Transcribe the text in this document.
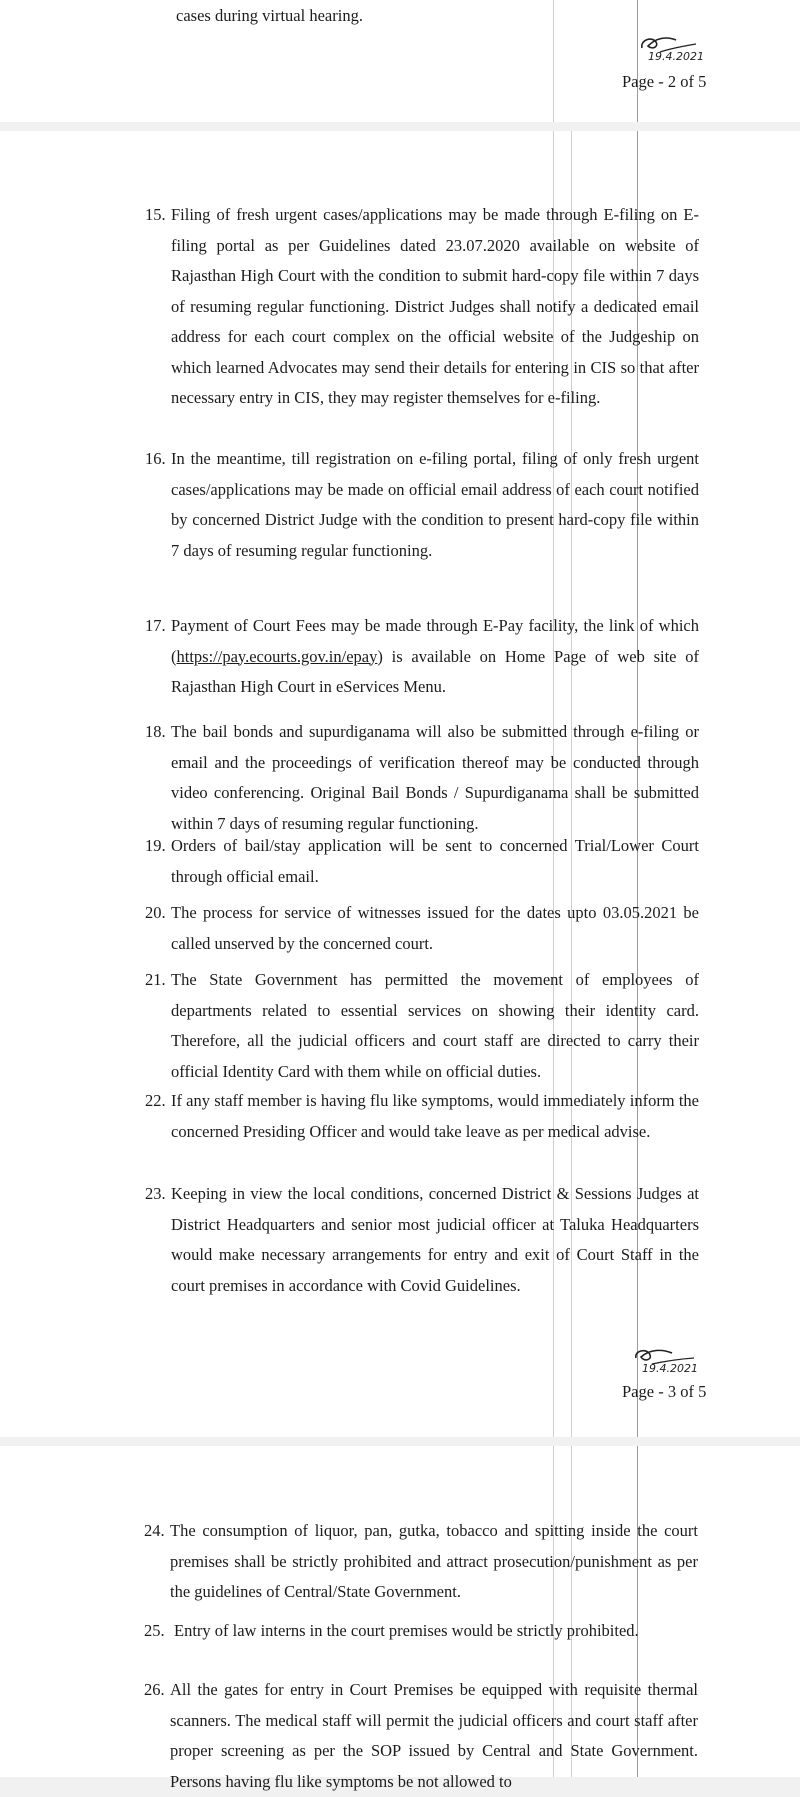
cases during virtual hearing.
19.4.2021
Page - 2 of 5
15. Filing of fresh urgent cases/applications may be made through E-filing on E-filing portal as per Guidelines dated 23.07.2020 available on website of Rajasthan High Court with the condition to submit hard-copy file within 7 days of resuming regular functioning. District Judges shall notify a dedicated email address for each court complex on the official website of the Judgeship on which learned Advocates may send their details for entering in CIS so that after necessary entry in CIS, they may register themselves for e-filing.
16. In the meantime, till registration on e-filing portal, filing of only fresh urgent cases/applications may be made on official email address of each court notified by concerned District Judge with the condition to present hard-copy file within 7 days of resuming regular functioning.
17. Payment of Court Fees may be made through E-Pay facility, the link of which (https://pay.ecourts.gov.in/epay) is available on Home Page of web site of Rajasthan High Court in eServices Menu.
18. The bail bonds and supurdiganama will also be submitted through e-filing or email and the proceedings of verification thereof may be conducted through video conferencing. Original Bail Bonds / Supurdiganama shall be submitted within 7 days of resuming regular functioning.
19. Orders of bail/stay application will be sent to concerned Trial/Lower Court through official email.
20. The process for service of witnesses issued for the dates upto 03.05.2021 be called unserved by the concerned court.
21. The State Government has permitted the movement of employees of departments related to essential services on showing their identity card. Therefore, all the judicial officers and court staff are directed to carry their official Identity Card with them while on official duties.
22. If any staff member is having flu like symptoms, would immediately inform the concerned Presiding Officer and would take leave as per medical advise.
23. Keeping in view the local conditions, concerned District & Sessions Judges at District Headquarters and senior most judicial officer at Taluka Headquarters would make necessary arrangements for entry and exit of Court Staff in the court premises in accordance with Covid Guidelines.
19.4.2021
Page - 3 of 5
24. The consumption of liquor, pan, gutka, tobacco and spitting inside the court premises shall be strictly prohibited and attract prosecution/punishment as per the guidelines of Central/State Government.
25. Entry of law interns in the court premises would be strictly prohibited.
26. All the gates for entry in Court Premises be equipped with requisite thermal scanners. The medical staff will permit the judicial officers and court staff after proper screening as per the SOP issued by Central and State Government. Persons having flu like symptoms be not allowed to
